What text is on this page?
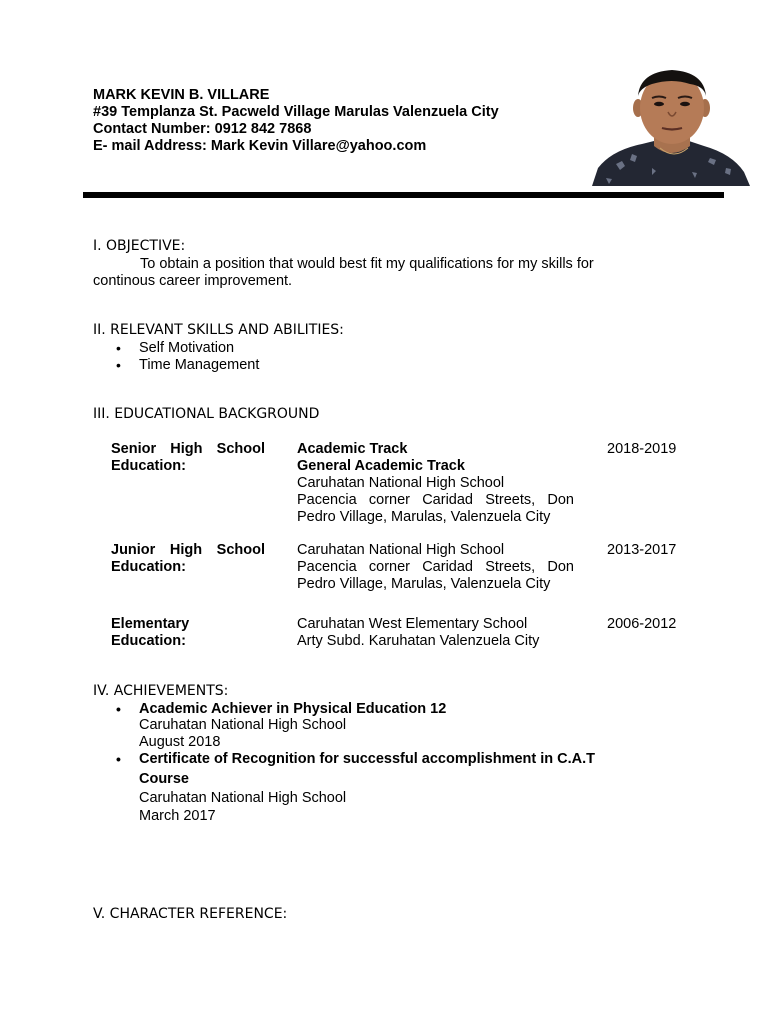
MARK KEVIN B. VILLARE
#39 Templanza St. Pacweld Village Marulas Valenzuela City
Contact Number: 0912 842 7868
E- mail Address: Mark Kevin Villare@yahoo.com
I. OBJECTIVE:
To obtain a position that would best fit my qualifications for my skills for
continous career improvement.
II. RELEVANT SKILLS AND ABILITIES:
• Self Motivation
• Time Management
III. EDUCATIONAL BACKGROUND
Senior High School
Education:
Academic Track
General Academic Track
Caruhatan National High School
Pacencia corner Caridad Streets, Don
Pedro Village, Marulas, Valenzuela City
2018-2019
Junior High School
Education:
Caruhatan National High School
Pacencia corner Caridad Streets, Don
Pedro Village, Marulas, Valenzuela City
2013-2017
Elementary
Education:
Caruhatan West Elementary School
Arty Subd. Karuhatan Valenzuela City
2006-2012
IV. ACHIEVEMENTS:
• Academic Achiever in Physical Education 12
Caruhatan National High School
August 2018
• Certificate of Recognition for successful accomplishment in C.A.T
Course
Caruhatan National High School
March 2017
V. CHARACTER REFERENCE:
